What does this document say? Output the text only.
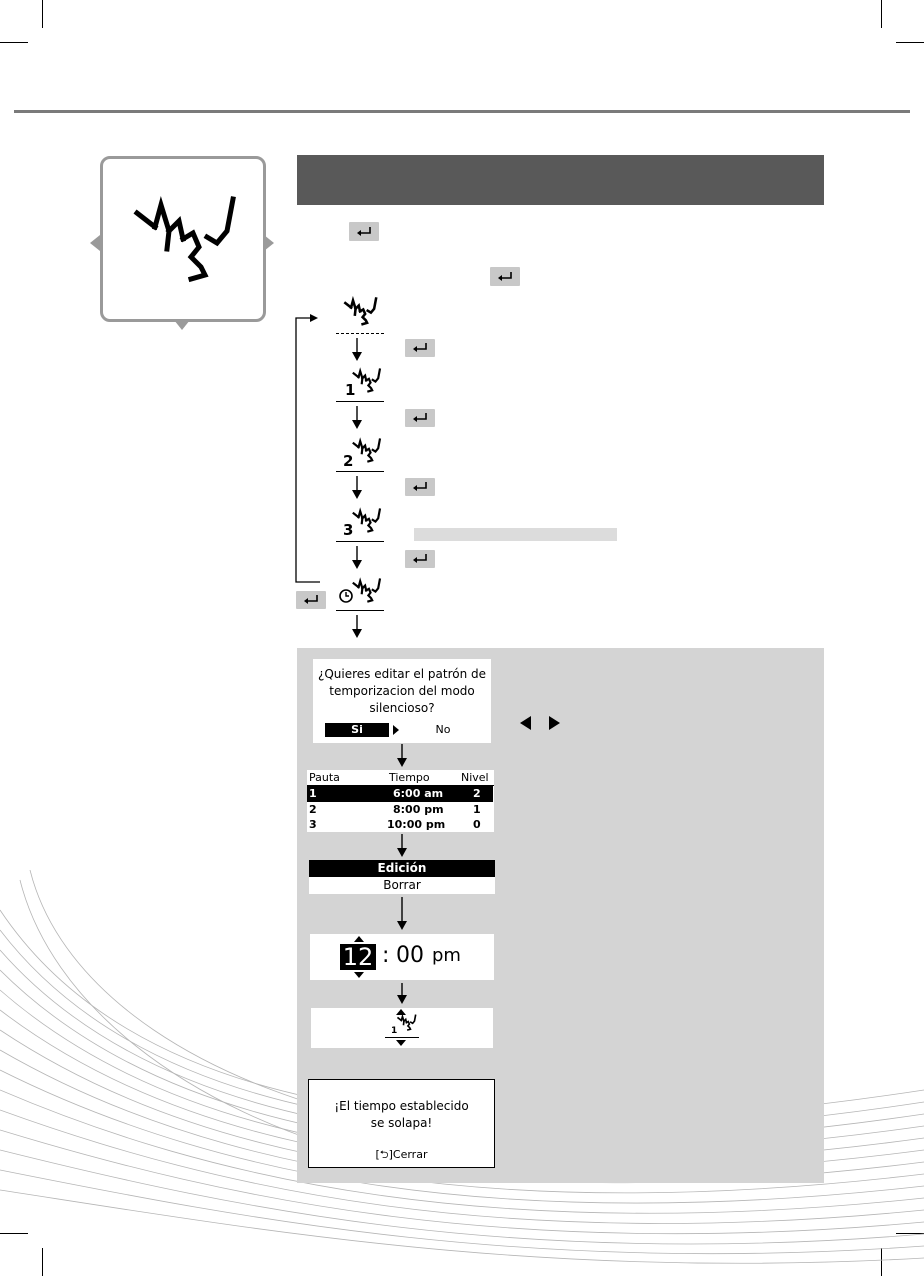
1
2
3
¿Quieres editar el patrón de temporizacion del modo silencioso?
Si	No
Pauta	Tiempo	Nivel
1	6:00 am	2
2	8:00 pm	1
3	10:00 pm	0
Edición
Borrar
12 : 00 pm
1
¡El tiempo establecido se solapa!
[⮌]Cerrar
